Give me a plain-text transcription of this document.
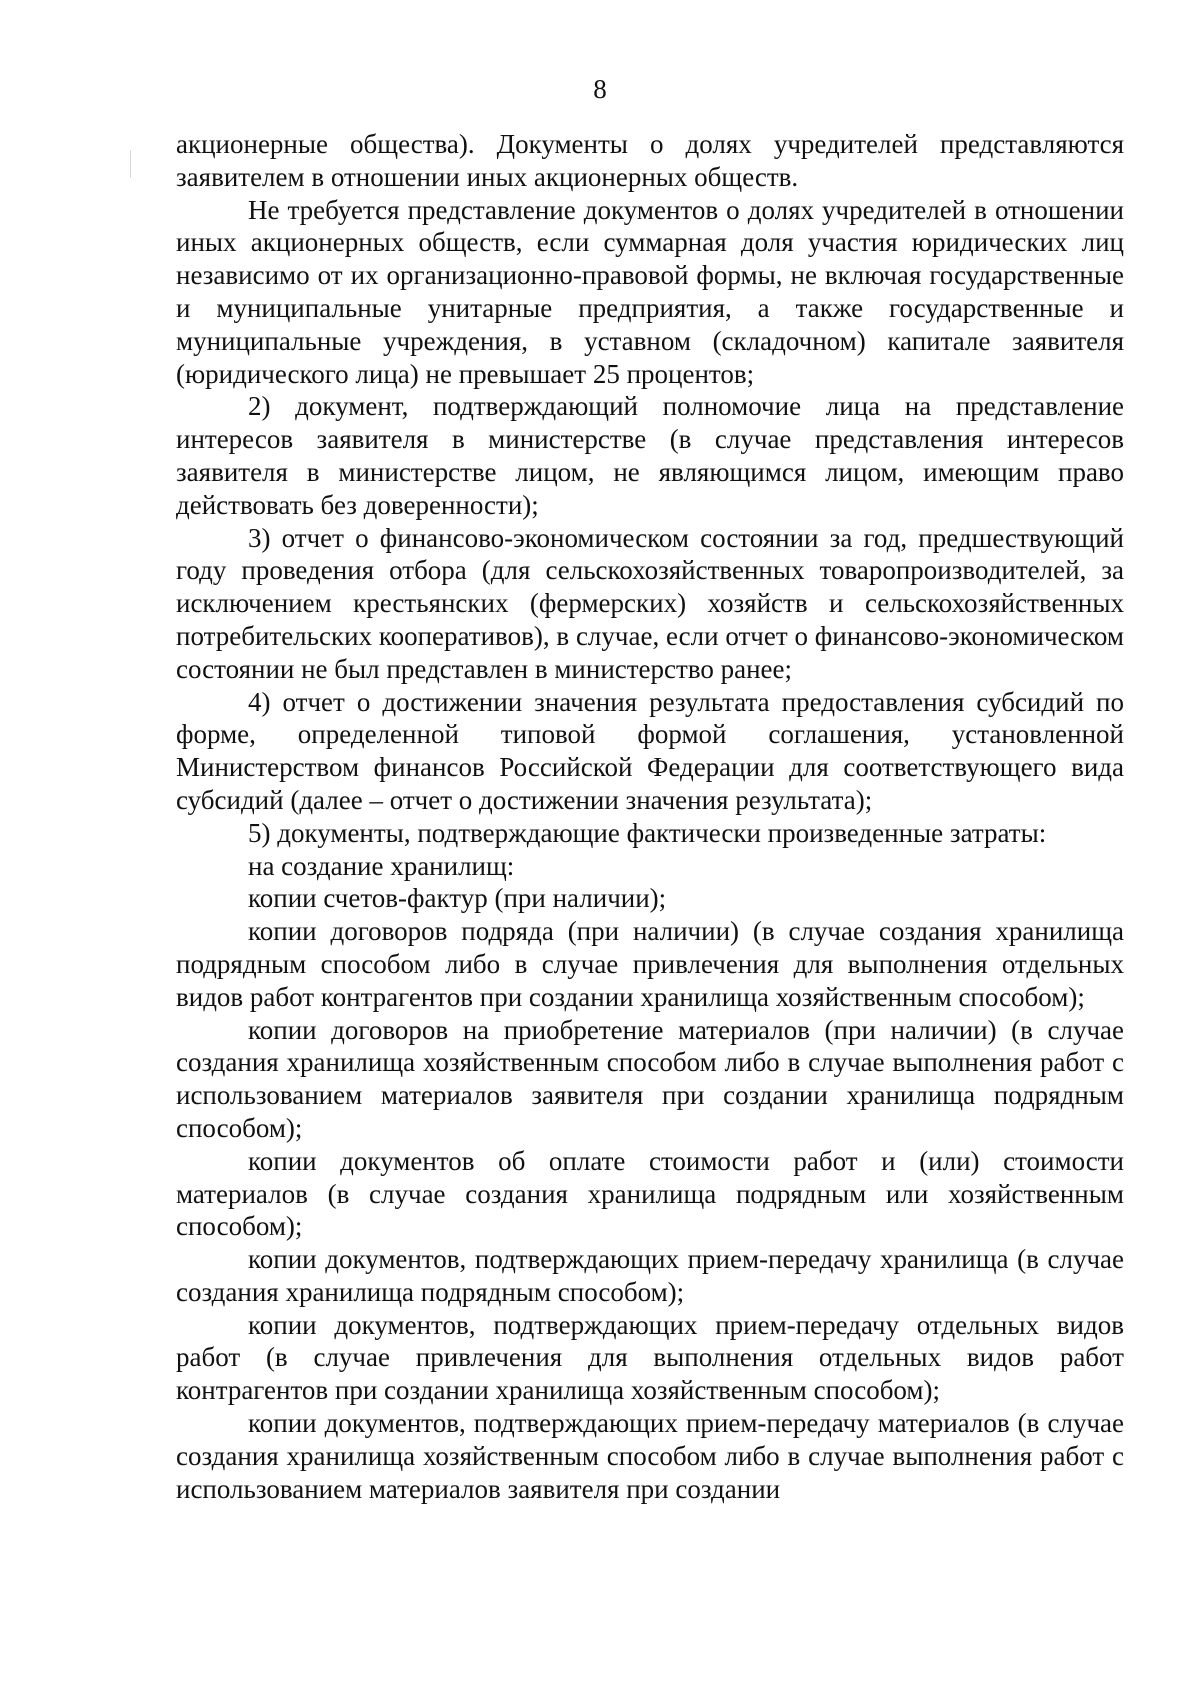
8

акционерные общества). Документы о долях учредителей представляются заявителем в отношении иных акционерных обществ.

Не требуется представление документов о долях учредителей в отношении иных акционерных обществ, если суммарная доля участия юридических лиц независимо от их организационно-правовой формы, не включая государственные и муниципальные унитарные предприятия, а также государственные и муниципальные учреждения, в уставном (складочном) капитале заявителя (юридического лица) не превышает 25 процентов;

2) документ, подтверждающий полномочие лица на представление интересов заявителя в министерстве (в случае представления интересов заявителя в министерстве лицом, не являющимся лицом, имеющим право действовать без доверенности);

3) отчет о финансово-экономическом состоянии за год, предшествующий году проведения отбора (для сельскохозяйственных товаропроизводителей, за исключением крестьянских (фермерских) хозяйств и сельскохозяйственных потребительских кооперативов), в случае, если отчет о финансово-экономическом состоянии не был представлен в министерство ранее;

4) отчет о достижении значения результата предоставления субсидий по форме, определенной типовой формой соглашения, установленной Министерством финансов Российской Федерации для соответствующего вида субсидий (далее – отчет о достижении значения результата);

5) документы, подтверждающие фактически произведенные затраты:

на создание хранилищ:

копии счетов-фактур (при наличии);

копии договоров подряда (при наличии) (в случае создания хранилища подрядным способом либо в случае привлечения для выполнения отдельных видов работ контрагентов при создании хранилища хозяйственным способом);

копии договоров на приобретение материалов (при наличии) (в случае создания хранилища хозяйственным способом либо в случае выполнения работ с использованием материалов заявителя при создании хранилища подрядным способом);

копии документов об оплате стоимости работ и (или) стоимости материалов (в случае создания хранилища подрядным или хозяйственным способом);

копии документов, подтверждающих прием-передачу хранилища (в случае создания хранилища подрядным способом);

копии документов, подтверждающих прием-передачу отдельных видов работ (в случае привлечения для выполнения отдельных видов работ контрагентов при создании хранилища хозяйственным способом);

копии документов, подтверждающих прием-передачу материалов (в случае создания хранилища хозяйственным способом либо в случае выполнения работ с использованием материалов заявителя при создании
